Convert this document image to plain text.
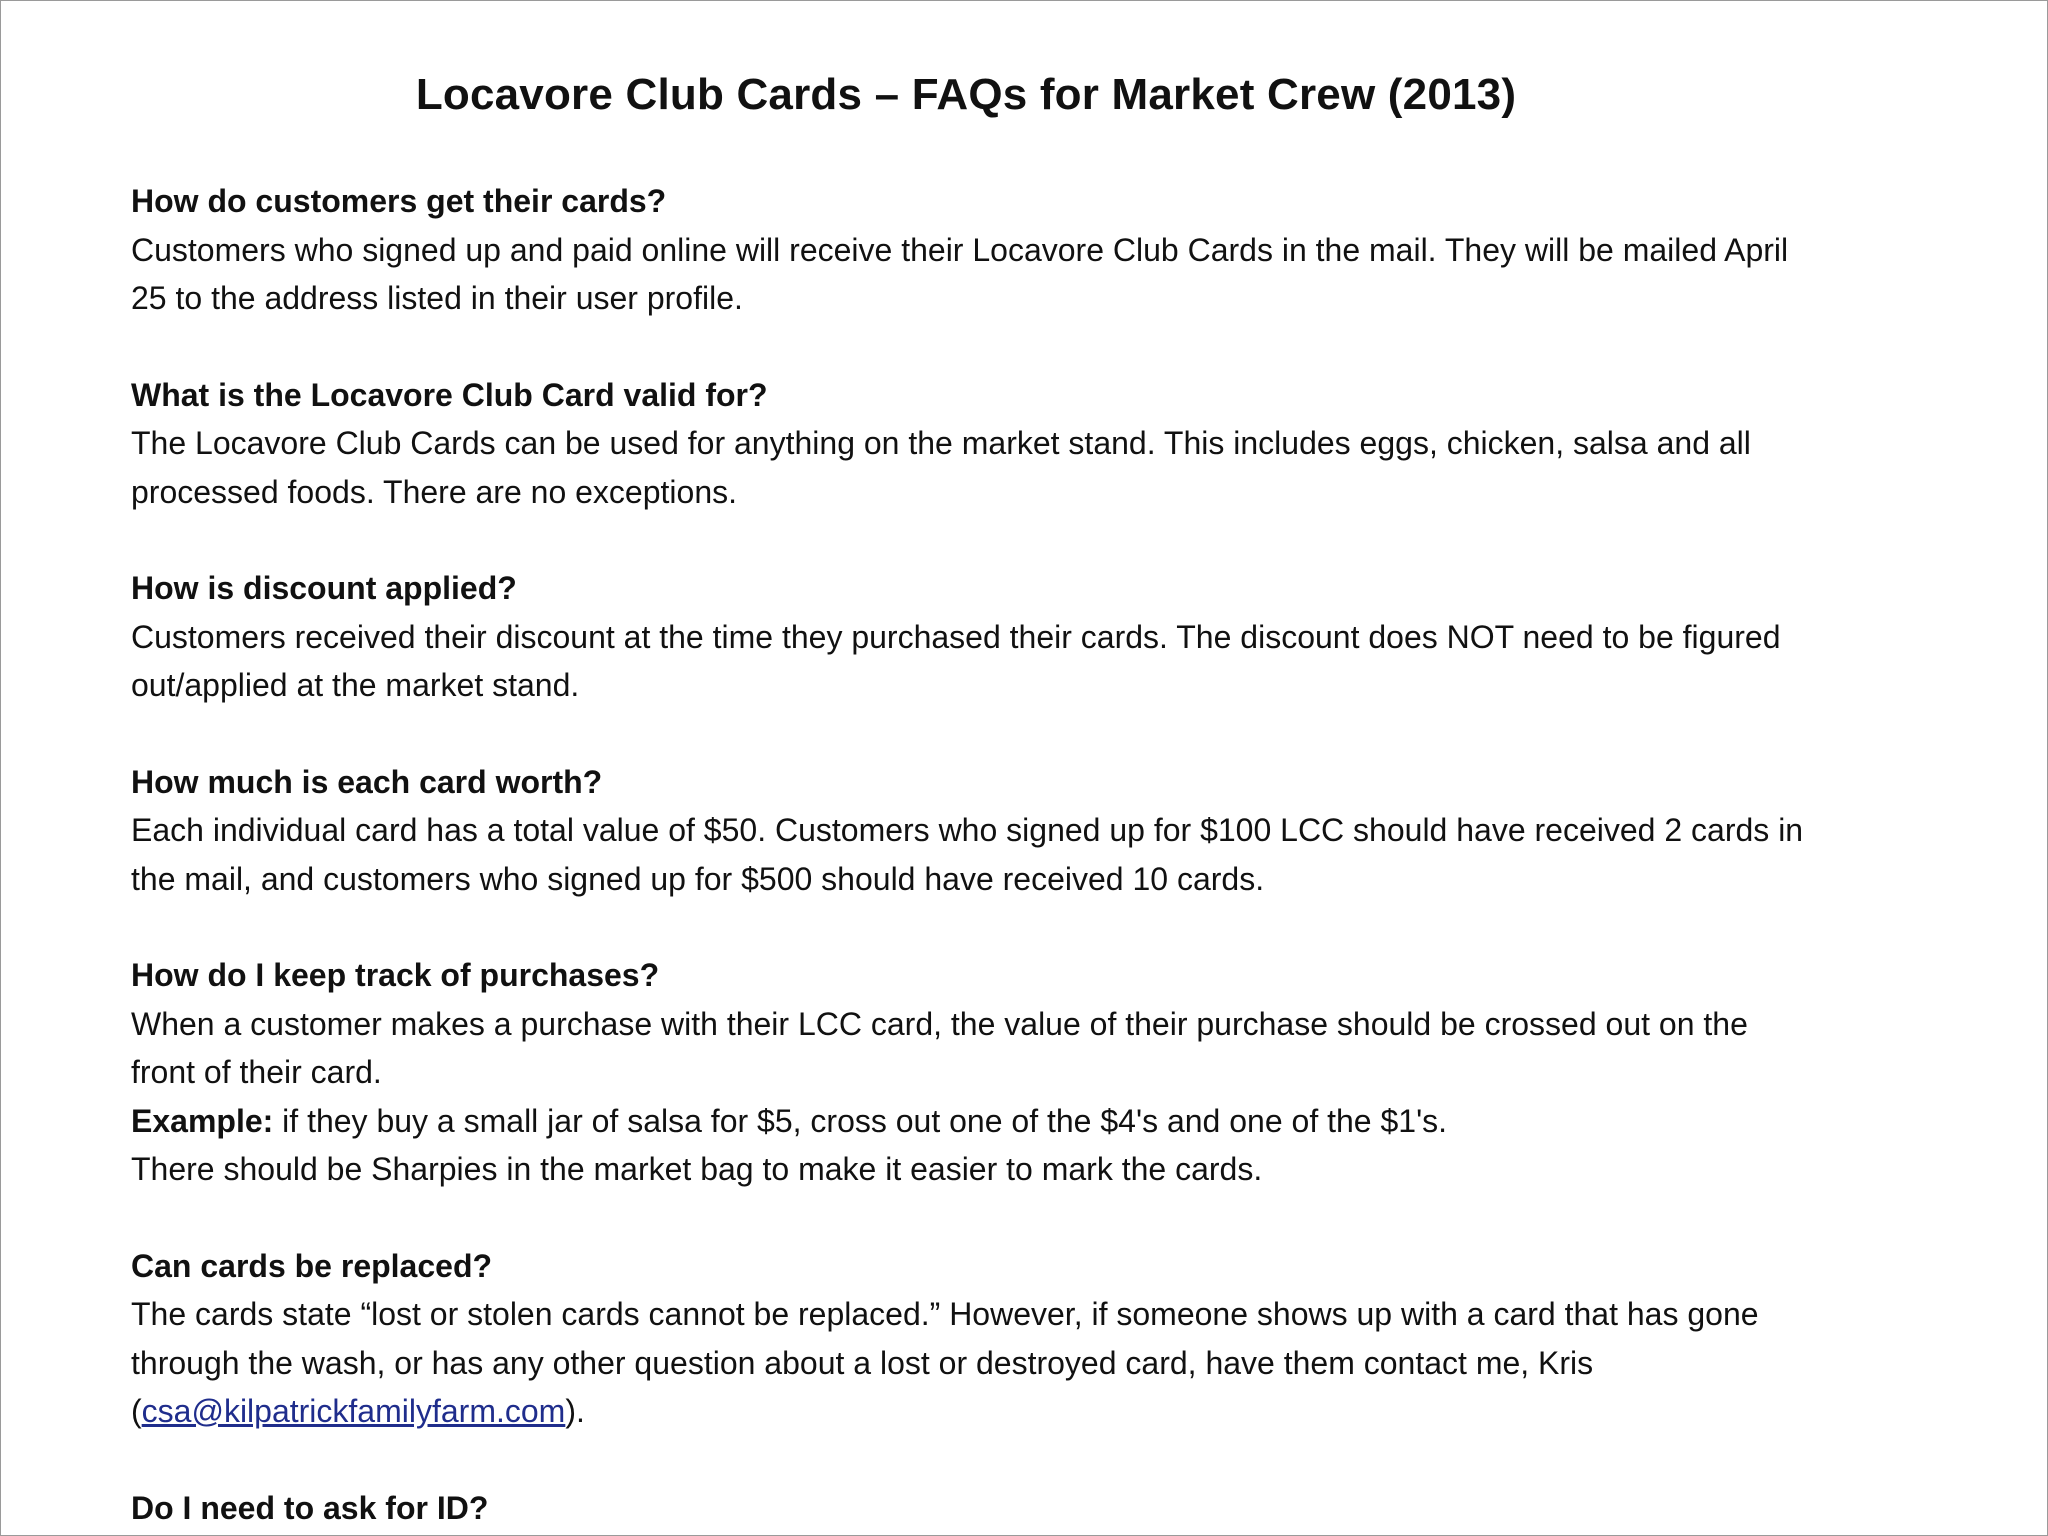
Locavore Club Cards – FAQs for Market Crew (2013)

How do customers get their cards?

Customers who signed up and paid online will receive their Locavore Club Cards in the mail. They will be mailed April 25 to the address listed in their user profile.

What is the Locavore Club Card valid for?

The Locavore Club Cards can be used for anything on the market stand. This includes eggs, chicken, salsa and all processed foods. There are no exceptions.

How is discount applied?

Customers received their discount at the time they purchased their cards. The discount does NOT need to be figured out/applied at the market stand.

How much is each card worth?

Each individual card has a total value of $50. Customers who signed up for $100 LCC should have received 2 cards in the mail, and customers who signed up for $500 should have received 10 cards.

How do I keep track of purchases?

When a customer makes a purchase with their LCC card, the value of their purchase should be crossed out on the front of their card.

Example: if they buy a small jar of salsa for $5, cross out one of the $4's and one of the $1's.

There should be Sharpies in the market bag to make it easier to mark the cards.

Can cards be replaced?

The cards state “lost or stolen cards cannot be replaced.” However, if someone shows up with a card that has gone through the wash, or has any other question about a lost or destroyed card, have them contact me, Kris (csa@kilpatrickfamilyfarm.com).

Do I need to ask for ID?
